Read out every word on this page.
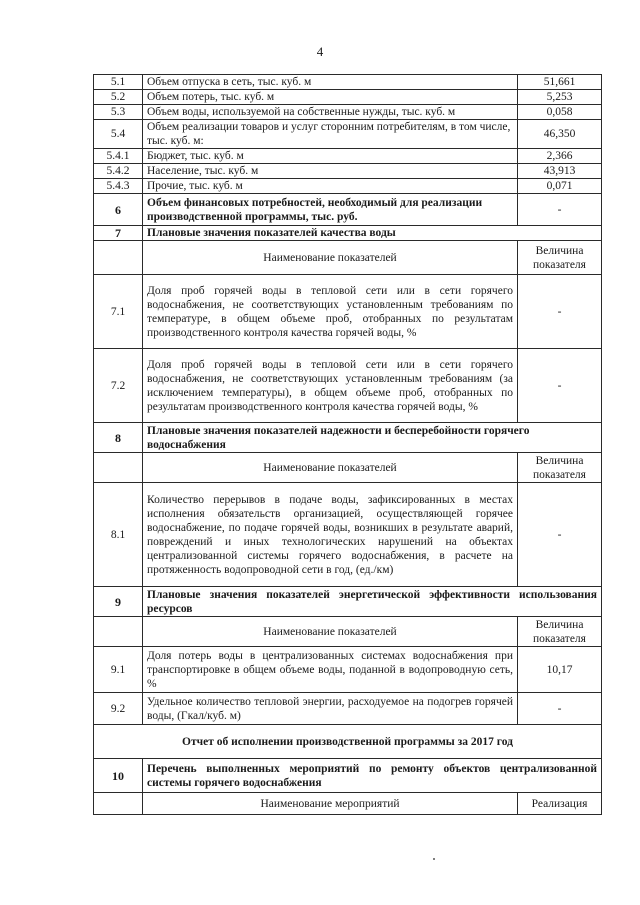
4
5.1	Объем отпуска в сеть, тыс. куб. м	51,661
5.2	Объем потерь, тыс. куб. м	5,253
5.3	Объем воды, используемой на собственные нужды, тыс. куб. м	0,058
5.4	Объем реализации товаров и услуг сторонним потребителям, в том числе, тыс. куб. м:	46,350
5.4.1	Бюджет, тыс. куб. м	2,366
5.4.2	Население, тыс. куб. м	43,913
5.4.3	Прочие, тыс. куб. м	0,071
6	Объем финансовых потребностей, необходимый для реализации производственной программы, тыс. руб.	-
7	Плановые значения показателей качества воды	
	Наименование показателей	Величина показателя
7.1	Доля проб горячей воды в тепловой сети или в сети горячего водоснабжения, не соответствующих установленным требованиям по температуре, в общем объеме проб, отобранных по результатам производственного контроля качества горячей воды, %	-
7.2	Доля проб горячей воды в тепловой сети или в сети горячего водоснабжения, не соответствующих установленным требованиям (за исключением температуры), в общем объеме проб, отобранных по результатам производственного контроля качества горячей воды, %	-
8	Плановые значения показателей надежности и бесперебойности горячего водоснабжения	
	Наименование показателей	Величина показателя
8.1	Количество перерывов в подаче воды, зафиксированных в местах исполнения обязательств организацией, осуществляющей горячее водоснабжение, по подаче горячей воды, возникших в результате аварий, повреждений и иных технологических нарушений на объектах централизованной системы горячего водоснабжения, в расчете на протяженность водопроводной сети в год, (ед./км)	-
9	Плановые значения показателей энергетической эффективности использования ресурсов	
	Наименование показателей	Величина показателя
9.1	Доля потерь воды в централизованных системах водоснабжения при транспортировке в общем объеме воды, поданной в водопроводную сеть, %	10,17
9.2	Удельное количество тепловой энергии, расходуемое на подогрев горячей воды, (Гкал/куб. м)	-
Отчет об исполнении производственной программы за 2017 год		
10	Перечень выполненных мероприятий по ремонту объектов централизованной системы горячего водоснабжения	
	Наименование мероприятий	Реализация
